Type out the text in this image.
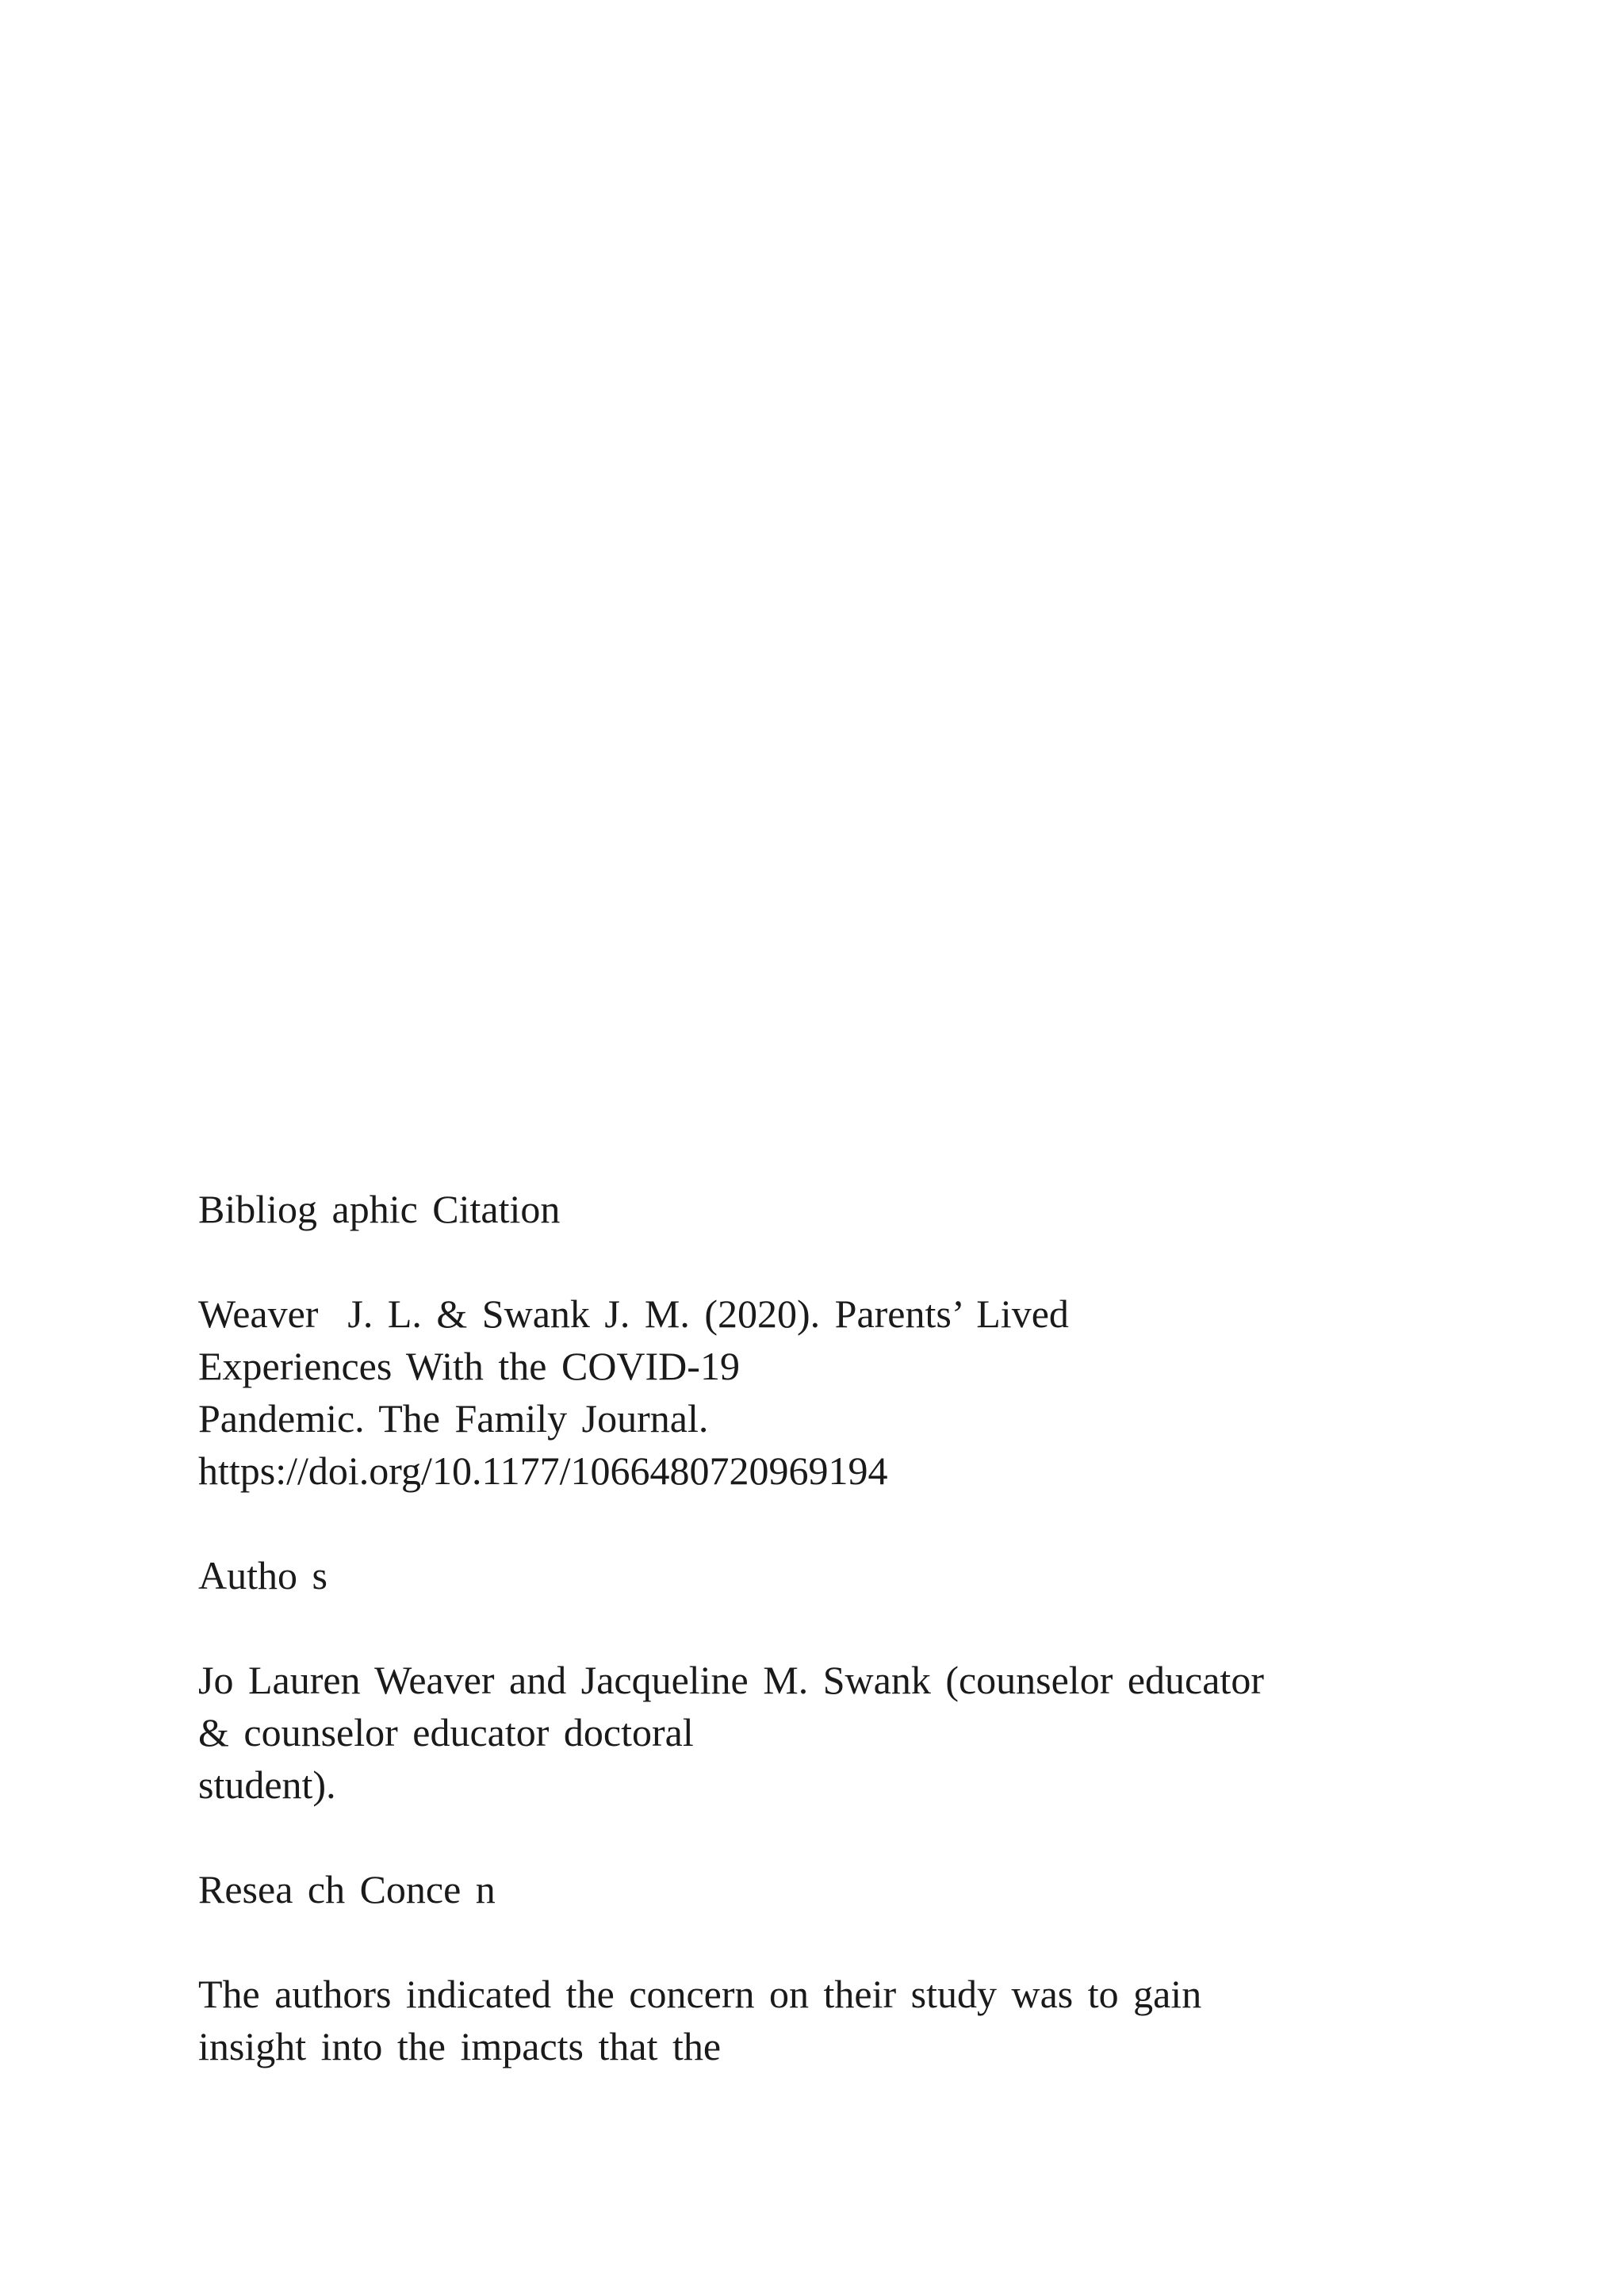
Bibliog aphic Citation
Weaver  J. L. & Swank J. M. (2020). Parents’ Lived
Experiences With the COVID-19
Pandemic. The Family Journal.
https://doi.org/10.1177/1066480720969194
Autho s
Jo Lauren Weaver and Jacqueline M. Swank (counselor educator
& counselor educator doctoral
student).
Resea ch Conce n
The authors indicated the concern on their study was to gain
insight into the impacts that the
